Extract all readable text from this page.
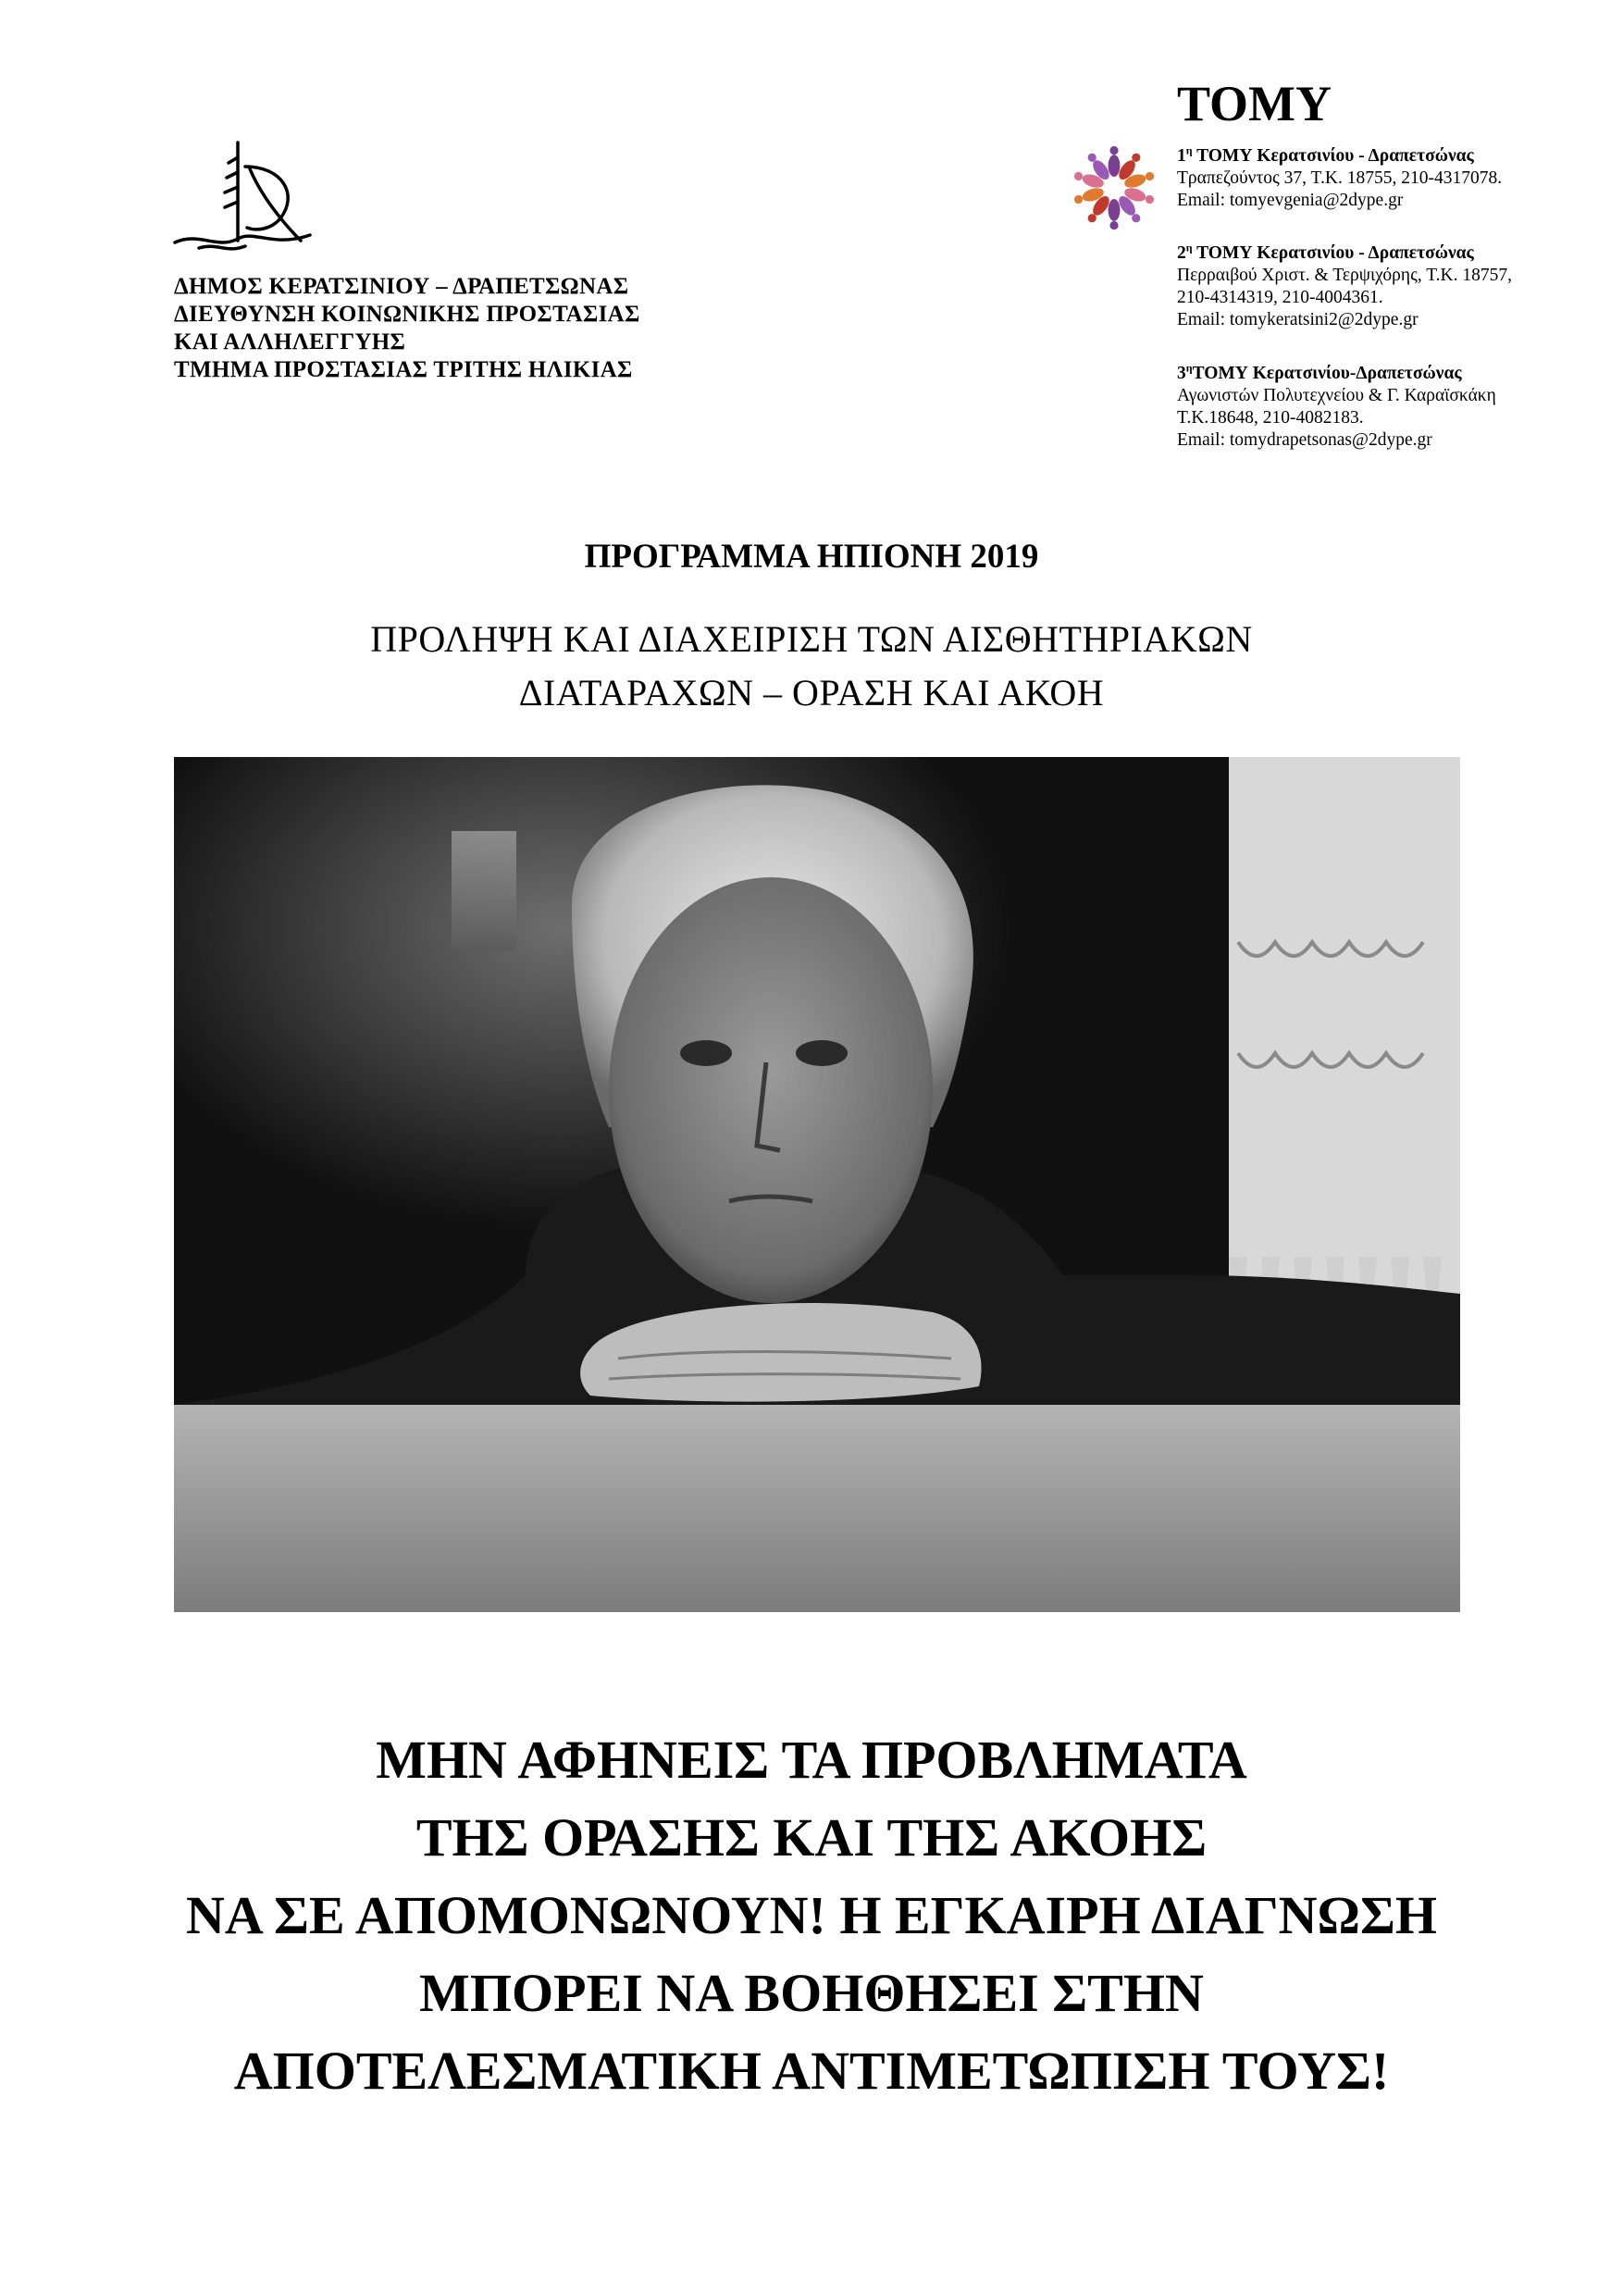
ΔΗΜΟΣ ΚΕΡΑΤΣΙΝΙΟΥ – ΔΡΑΠΕΤΣΩΝΑΣ
ΔΙΕΥΘΥΝΣΗ ΚΟΙΝΩΝΙΚΗΣ ΠΡΟΣΤΑΣΙΑΣ
ΚΑΙ ΑΛΛΗΛΕΓΓΥΗΣ
ΤΜΗΜΑ ΠΡΟΣΤΑΣΙΑΣ ΤΡΙΤΗΣ ΗΛΙΚΙΑΣ
ΤΟΜΥ
$1^\eta$ ΤΟΜΥ Κερατσινίου - Δραπετσώνας
Τραπεζούντος 37, Τ.Κ. 18755, 210-4317078.
Email: tomyevgenia@2dype.gr
$2^\eta$ ΤΟΜΥ Κερατσινίου - Δραπετσώνας
Περραιβού Χριστ. & Τερψιχόρης, Τ.Κ. 18757,
210-4314319, 210-4004361.
Email: tomykeratsini2@2dype.gr
$3^\eta TOM\Upsilon$ Κερατσινίου-Δραπετσώνας
Αγωνιστών Πολυτεχνείου & Γ. Καραϊσκάκη
Τ.Κ.18648, 210-4082183.
Email: tomydrapetsonas@2dype.gr
ΠΡΟΓΡΑΜΜΑ ΗΠΙΟΝΗ 2019
ΠΡΟΛΗΨΗ ΚΑΙ ΔΙΑΧΕΙΡΙΣΗ ΤΩΝ ΑΙΣΘΗΤΗΡΙΑΚΩΝ
ΔΙΑΤΑΡΑΧΩΝ – ΟΡΑΣΗ ΚΑΙ ΑΚΟΗ
ΜΗΝ ΑΦΗΝΕΙΣ ΤΑ ΠΡΟΒΛΗΜΑΤΑ
ΤΗΣ ΟΡΑΣΗΣ ΚΑΙ ΤΗΣ ΑΚΟΗΣ
ΝΑ ΣΕ ΑΠΟΜΟΝΩΝΟΥΝ! Η ΕΓΚΑΙΡΗ ΔΙΑΓΝΩΣΗ
ΜΠΟΡΕΙ ΝΑ ΒΟΗΘΗΣΕΙ ΣΤΗΝ
ΑΠΟΤΕΛΕΣΜΑΤΙΚΗ ΑΝΤΙΜΕΤΩΠΙΣΗ ΤΟΥΣ!
